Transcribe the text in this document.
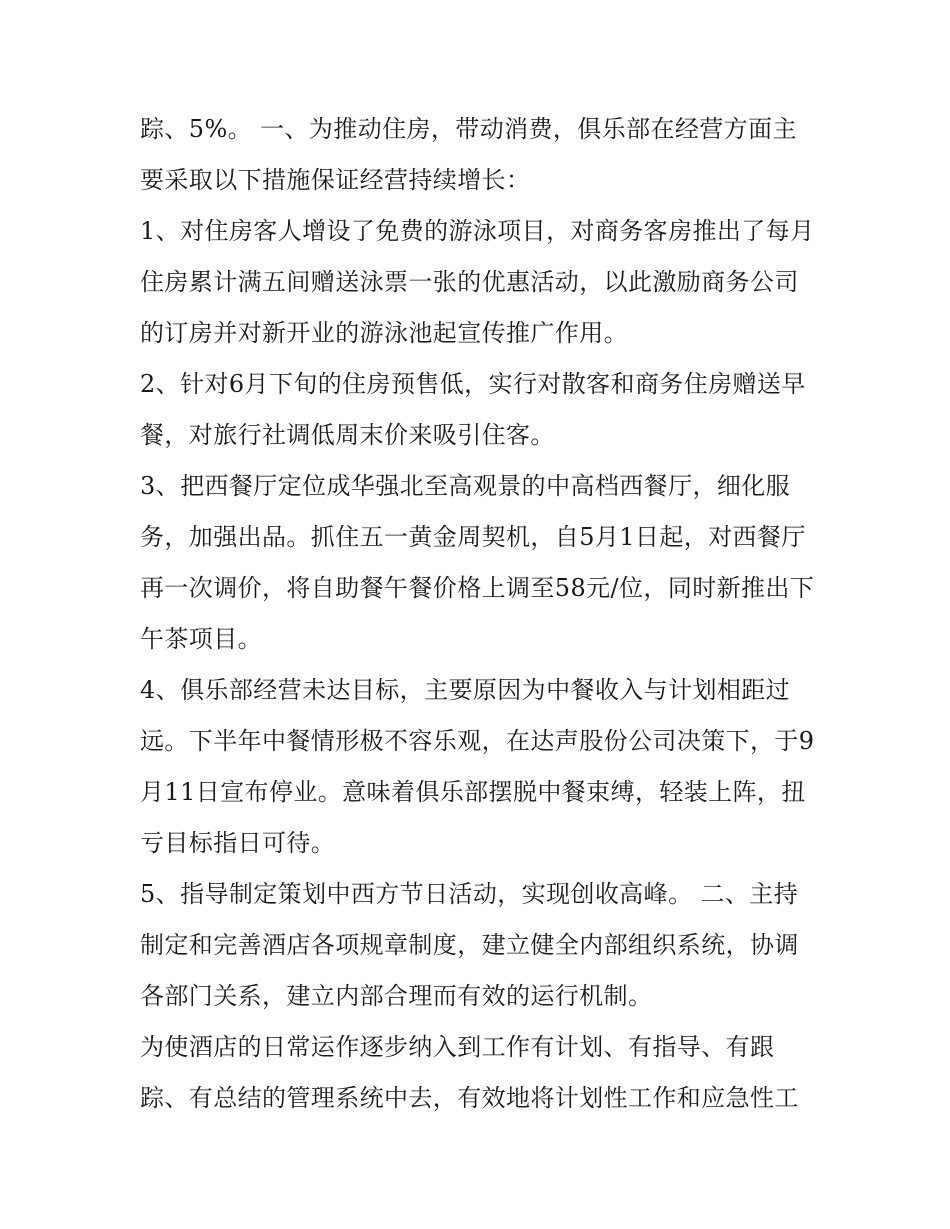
踪、5%。 一、为推动住房，带动消费，俱乐部在经营方面主要采取以下措施保证经营持续增长：

1、对住房客人增设了免费的游泳项目，对商务客房推出了每月住房累计满五间赠送泳票一张的优惠活动，以此激励商务公司的订房并对新开业的游泳池起宣传推广作用。

2、针对6月下旬的住房预售低，实行对散客和商务住房赠送早餐，对旅行社调低周末价来吸引住客。

3、把西餐厅定位成华强北至高观景的中高档西餐厅，细化服务，加强出品。抓住五一黄金周契机，自5月1日起，对西餐厅再一次调价，将自助餐午餐价格上调至58元/位，同时新推出下午茶项目。

4、俱乐部经营未达目标，主要原因为中餐收入与计划相距过远。下半年中餐情形极不容乐观，在达声股份公司决策下，于9月11日宣布停业。意味着俱乐部摆脱中餐束缚，轻装上阵，扭亏目标指日可待。

5、指导制定策划中西方节日活动，实现创收高峰。 二、主持制定和完善酒店各项规章制度，建立健全内部组织系统，协调各部门关系，建立内部合理而有效的运行机制。

为使酒店的日常运作逐步纳入到工作有计划、有指导、有跟踪、有总结的管理系统中去，有效地将计划性工作和应急性工
